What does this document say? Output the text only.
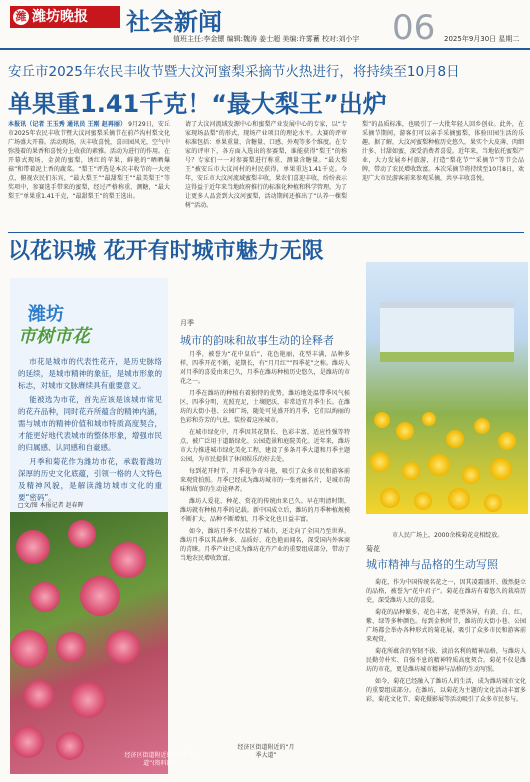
潍 潍坊晚报	社会新闻	06
值班主任:李金镖 编辑:魏涛 姜士超 美编:许雾蓄 校对:刘小宇	2025年9月30日 星期二
安丘市2025年农民丰收节暨大汶河蜜梨采摘节火热进行，将持续至10月8日
单果重1.41千克！“最大梨王”出炉
本报讯（记者 王玉秀 通讯员 王刚 赵再丽） 9月29日，安丘市2025年农民丰收节暨大汶河蜜梨采摘节在前芦沟村梨文化广场盛大开幕。活动现场，庆丰收喜悦，喜田园风光，空气中弥漫着的果香和喜悦分上收获的素雅。活动为进行的作用。在开幕式现场，金黄的蜜梨，诱红的苹果，鲜艳的“晒晒爆菇”和带着泥土香的蔬菜。“梨王”评选是本次丰收节的一大亮点，俯视农民们东宾，“最大梨王”“最甜梨王”“最美梨王”等奖项中，参赛选手带来的蜜梨，经过严格称重、测糖，“最大梨王”单果重1.41千克，“最甜梨王”的梨王选出。
请了大汶河流域发源中心和蜜梨产业发展中心的专家，以“专家现场品梨”的形式，现场产业项目的理论水平。大赛的评审标准包括：单果重量、含糖量、口感、外观等多个维度。在专家的评审下，各方面入选出的参赛梨，谁能获得“梨王”的称号？专家们一一对参赛梨进行称重、测量含糖量。“最大梨王”被安丘市大汶河村的村民获得，单果重达1.41千克。今年，安丘市大汶河流域蜜梨丰收，果农们喜迎丰收，纷纷表示这得益于近年来当地政府推行的标准化种植和科学管理。为了让更多人品尝到大汶河蜜梨，活动期间还推出了“认养一棵梨树”活动。
梨”的品质标准，也吸引了一大批年轻人回乡创业。此外，在采摘节期间，游客们可以亲手采摘蜜梨，体验田园生活的乐趣。据了解，大汶河蜜梨种植历史悠久，果实个大皮薄、肉细汁多、甘甜如蜜，深受消费者喜爱。近年来，当地依托蜜梨产业，大力发展乡村旅游，打造“梨花节”“采摘节”等节会品牌，带动了农民增收致富。本次采摘节将持续至10月8日，欢迎广大市民游客前来参观采摘，共享丰收喜悦。
以花识城 花开有时城市魅力无限
潍坊
市树市花

市花是城市的代表性花卉，是历史脉络的延续，是城市精神的象征，是城市形象的标志，对城市文脉赓续具有重要意义。

能被选为市花，首先应该是该城市常见的花卉品种，同时花卉所蕴含的精神内涵，需与城市的精神价值和城市特质高度契合，才能更好地代表城市的整体形象，增强市民的归属感、认同感和自豪感。

月季和菊花作为潍坊市花，承载着潍坊深厚的历史文化底蕴，引领一格的人文特色及精神风貌，是解读潍坊城市文化的重要“密码”。

□文/图 本报记者 赵春晖
经济区街道附近的“月季大道”(资料图)
月季
城市的韵味和故事生动的诠释者

月季，被誉为“花中皇后”，花色艳丽，花型丰满，品种多样，四季开花不断，花期长，有“月月红”“四季花”之称。潍坊人对月季的喜爱由来已久，月季在潍坊种植历史悠久，是潍坊的市花之一。

月季在潍坊的种植有着独特的优势，潍坊地处温带季风气候区，四季分明，光照充足，土壤肥沃，非常适宜月季生长。在潍坊的大街小巷、公园广场，随处可见盛开的月季，它们以绚丽的色彩和芬芳的气息，装扮着这座城市。

在城市绿化中，月季因其花期长、色彩丰富、适应性强等特点，被广泛用于道路绿化、公园造景和庭院美化。近年来，潍坊市大力推进城市绿化美化工程，建设了多条月季大道和月季主题公园，为市民提供了休闲娱乐的好去处。

每到花开时节，月季花争奇斗艳，吸引了众多市民和游客前来观赏拍照。月季已经成为潍坊城市的一张亮丽名片，是城市韵味和故事的生动诠释者。

潍坊人爱花、种花、赏花的传统由来已久。早在明清时期，潍坊就有种植月季的记载。新中国成立后，潍坊的月季种植规模不断扩大，品种不断增加，月季文化也日益丰富。

如今，潍坊月季不仅装扮了城市，还走向了全国乃至世界。潍坊月季以其品种多、品质好、花色艳而闻名，深受国内外客商的青睐。月季产业已成为潍坊花卉产业的重要组成部分，带动了当地农民增收致富。

经济区街道附近的“月季大道”
市人民广场上，2000余株菊花竞相绽放。
菊花
城市精神与品格的生动写照

菊花，作为中国传统名花之一，因其凌霜盛开、傲然挺立的品格，被誉为“花中君子”。菊花在潍坊有着悠久的栽培历史，深受潍坊人民的喜爱。

菊花的品种繁多，花色丰富，花型各异，有黄、白、红、紫、绿等多种颜色。每到金秋时节，潍坊的大街小巷、公园广场都会举办各种形式的菊花展，吸引了众多市民和游客前来观赏。

菊花所蕴含的坚韧不拔、淡泊名利的精神品格，与潍坊人民勤劳朴实、自强不息的精神特质高度契合。菊花不仅是潍坊的市花，更是潍坊城市精神与品格的生动写照。

如今，菊花已经融入了潍坊人的生活，成为潍坊城市文化的重要组成部分。在潍坊，以菊花为主题的文化活动丰富多彩，菊花文化节、菊花摄影展等活动吸引了众多市民参与。
